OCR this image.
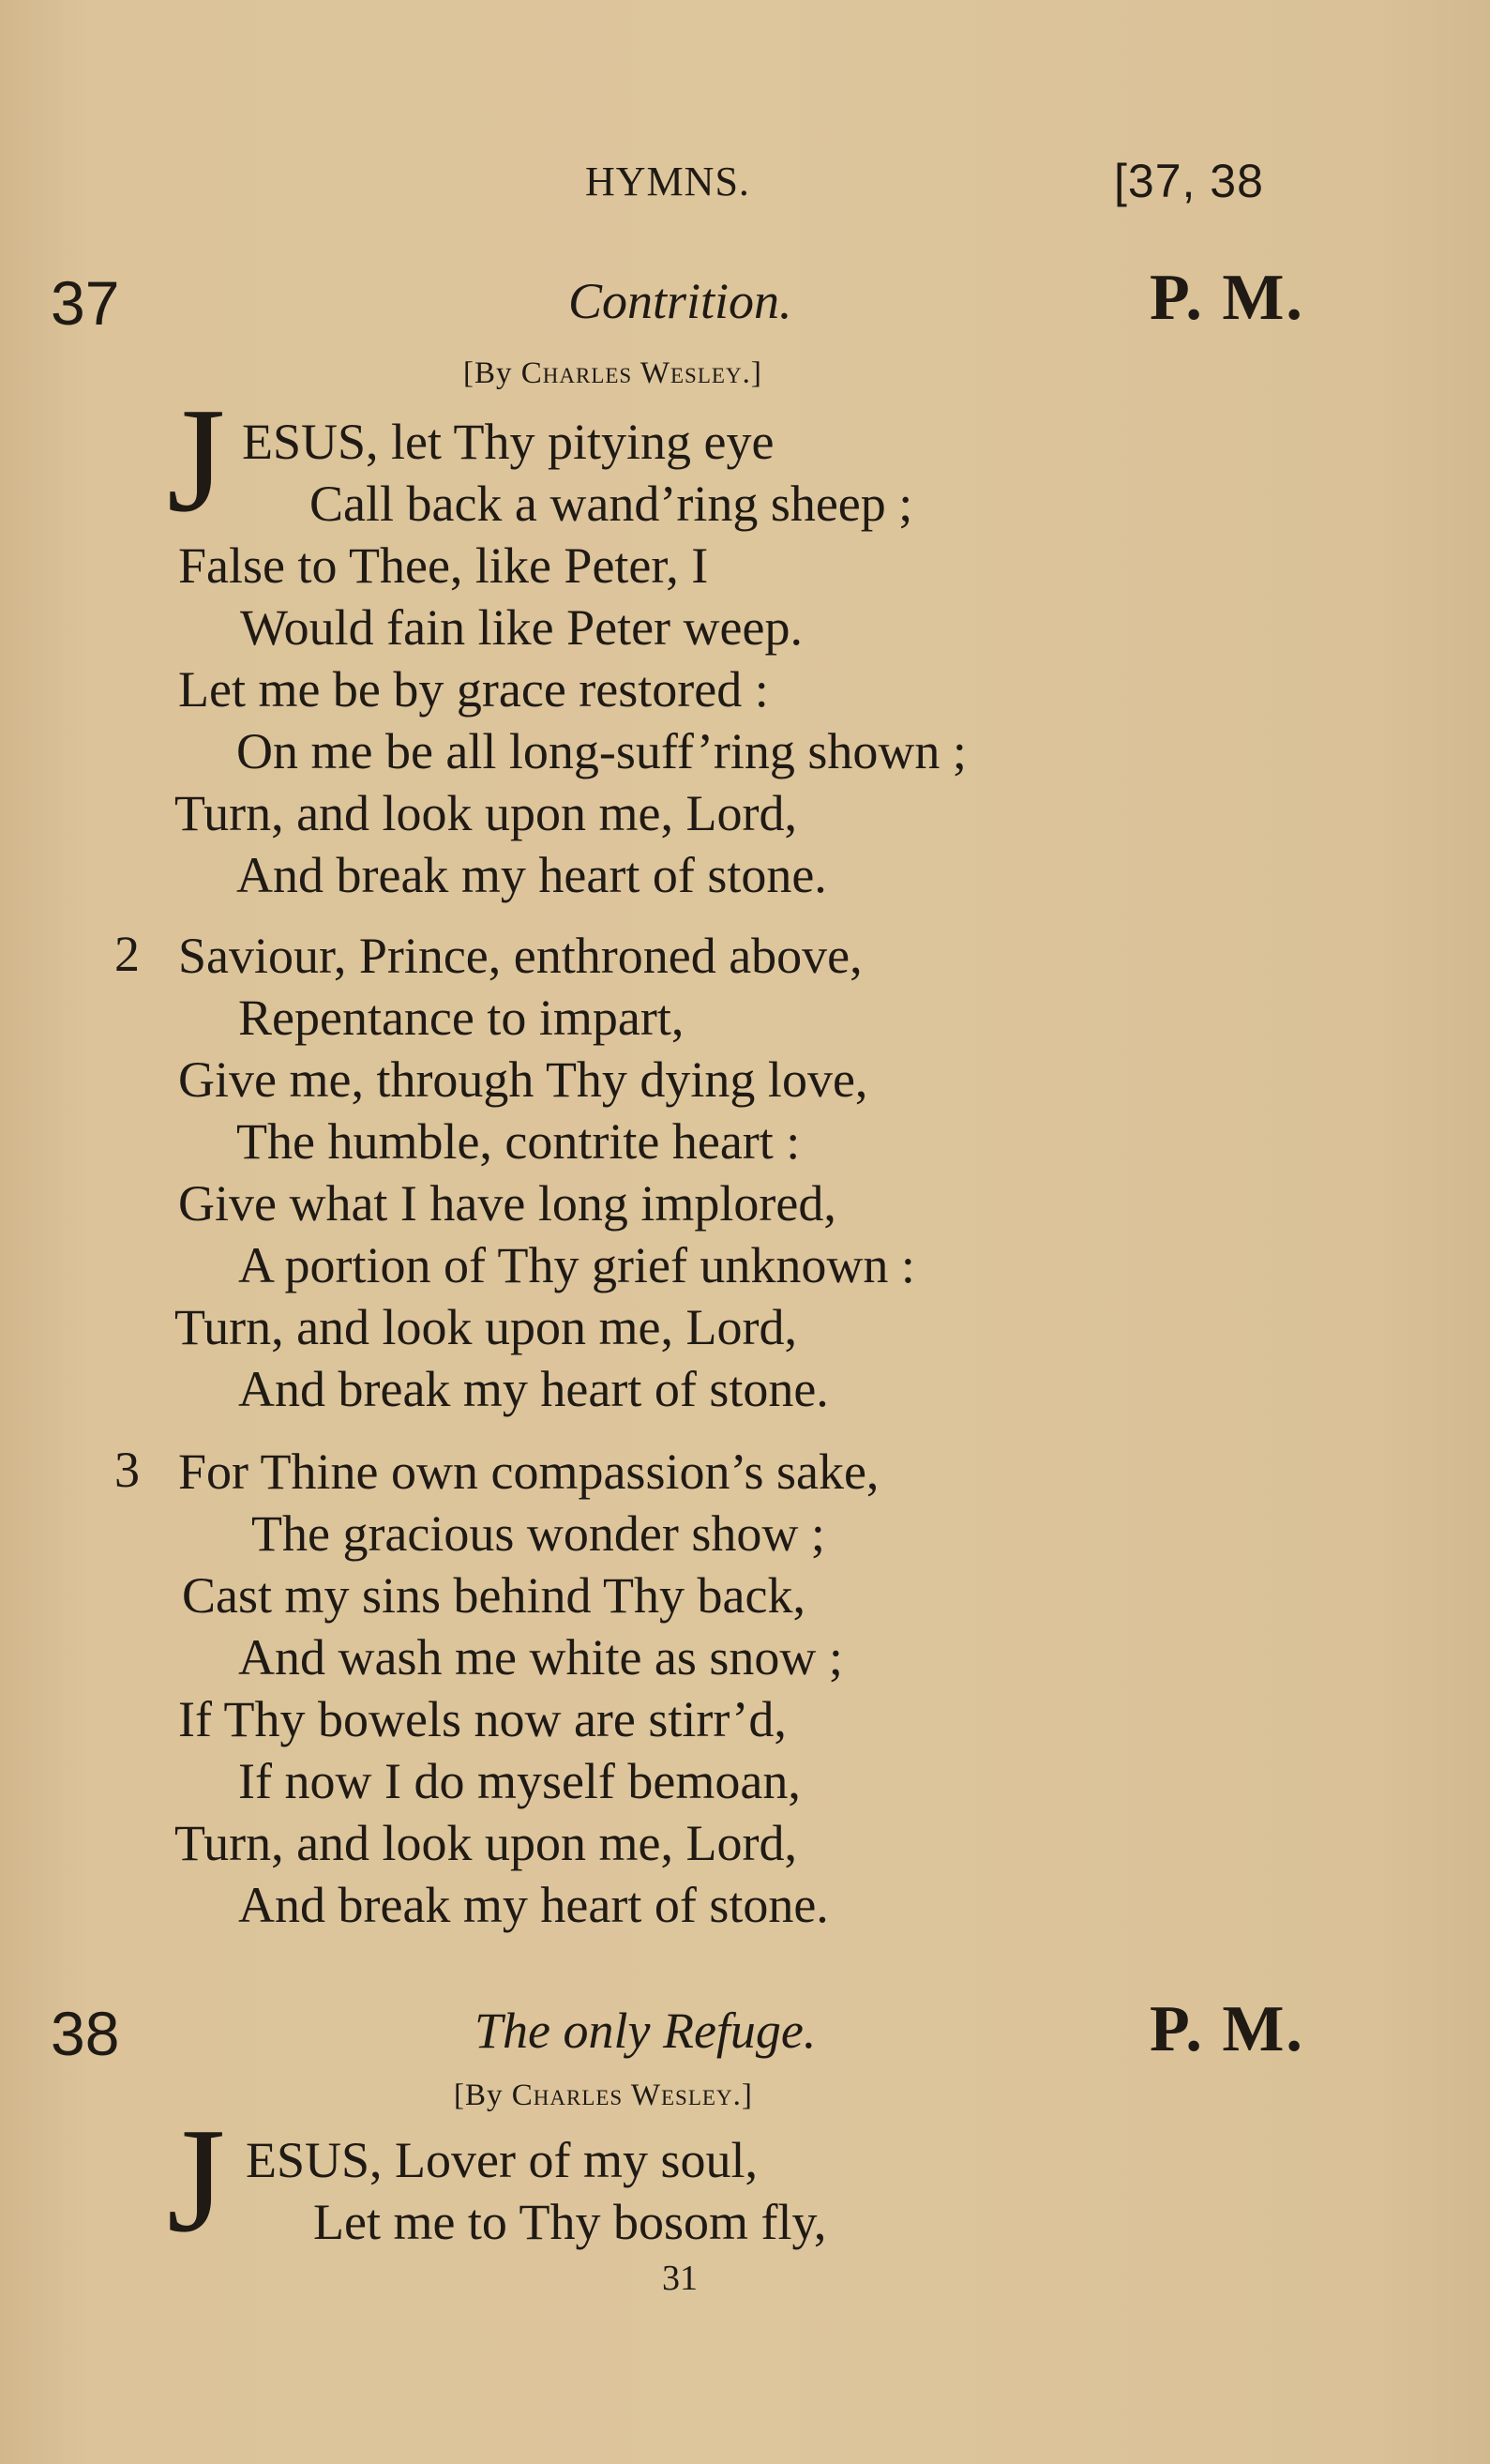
HYMNS.	[37, 38
37	Contrition.	P. M.
[By Charles Wesley.]
J ESUS, let Thy pitying eye
Call back a wand’ring sheep ;
False to Thee, like Peter, I
Would fain like Peter weep.
Let me be by grace restored :
On me be all long-suff’ring shown ;
Turn, and look upon me, Lord,
And break my heart of stone.
2 Saviour, Prince, enthroned above,
Repentance to impart,
Give me, through Thy dying love,
The humble, contrite heart :
Give what I have long implored,
A portion of Thy grief unknown :
Turn, and look upon me, Lord,
And break my heart of stone.
3 For Thine own compassion’s sake,
The gracious wonder show ;
Cast my sins behind Thy back,
And wash me white as snow ;
If Thy bowels now are stirr’d,
If now I do myself bemoan,
Turn, and look upon me, Lord,
And break my heart of stone.
38	The only Refuge.	P. M.
[By Charles Wesley.]
J ESUS, Lover of my soul,
Let me to Thy bosom fly,
31
